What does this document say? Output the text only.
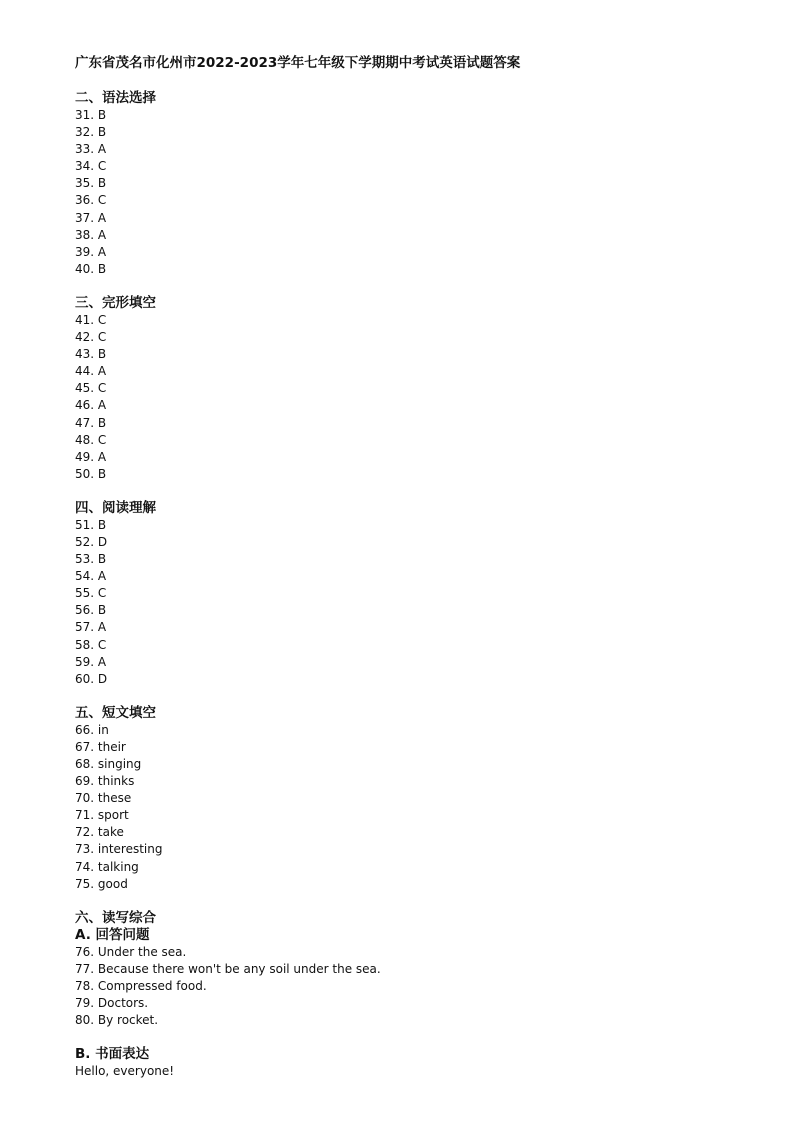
广东省茂名市化州市2022-2023学年七年级下学期期中考试英语试题答案
二、语法选择
31. B
32. B
33. A
34. C
35. B
36. C
37. A
38. A
39. A
40. B
三、完形填空
41. C
42. C
43. B
44. A
45. C
46. A
47. B
48. C
49. A
50. B
四、阅读理解
51. B
52. D
53. B
54. A
55. C
56. B
57. A
58. C
59. A
60. D
五、短文填空
66. in
67. their
68. singing
69. thinks
70. these
71. sport
72. take
73. interesting
74. talking
75. good
六、读写综合
A. 回答问题
76. Under the sea.
77. Because there won't be any soil under the sea.
78. Compressed food.
79. Doctors.
80. By rocket.
B. 书面表达

Hello, everyone!
